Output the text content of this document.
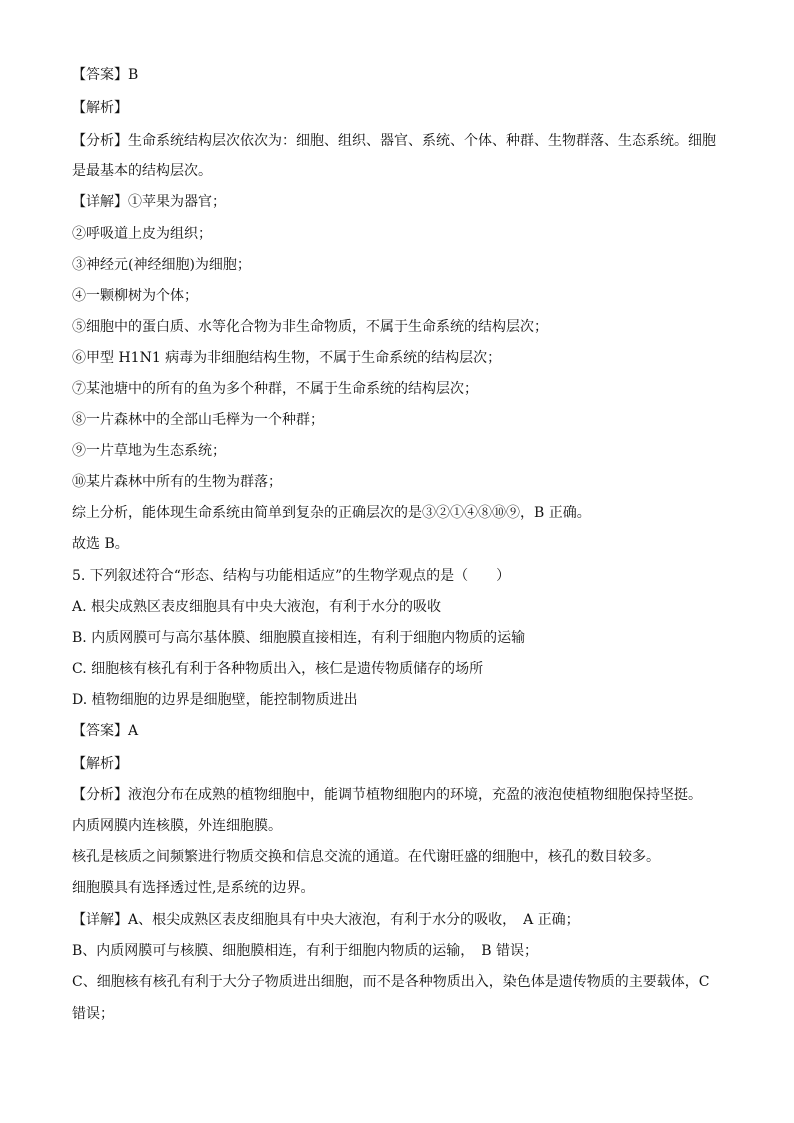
【答案】B
【解析】
【分析】生命系统结构层次依次为：细胞、组织、器官、系统、个体、种群、生物群落、生态系统。细胞
是最基本的结构层次。
【详解】①苹果为器官；
②呼吸道上皮为组织；
③神经元(神经细胞)为细胞；
④一颗柳树为个体；
⑤细胞中的蛋白质、水等化合物为非生命物质，不属于生命系统的结构层次；
⑥甲型 H1N1 病毒为非细胞结构生物，不属于生命系统的结构层次；
⑦某池塘中的所有的鱼为多个种群，不属于生命系统的结构层次；
⑧一片森林中的全部山毛榉为一个种群；
⑨一片草地为生态系统；
⑩某片森林中所有的生物为群落；
综上分析，能体现生命系统由简单到复杂的正确层次的是③②①④⑧⑩⑨，B 正确。
故选 B。
5. 下列叙述符合“形态、结构与功能相适应”的生物学观点的是（　　）
A. 根尖成熟区表皮细胞具有中央大液泡，有利于水分的吸收
B. 内质网膜可与高尔基体膜、细胞膜直接相连，有利于细胞内物质的运输
C. 细胞核有核孔有利于各种物质出入，核仁是遗传物质储存的场所
D. 植物细胞的边界是细胞壁，能控制物质进出
【答案】A
【解析】
【分析】液泡分布在成熟的植物细胞中，能调节植物细胞内的环境，充盈的液泡使植物细胞保持坚挺。
内质网膜内连核膜，外连细胞膜。
核孔是核质之间频繁进行物质交换和信息交流的通道。在代谢旺盛的细胞中，核孔的数目较多。
细胞膜具有选择透过性,是系统的边界。
【详解】A、根尖成熟区表皮细胞具有中央大液泡，有利于水分的吸收，　A 正确；
B、内质网膜可与核膜、细胞膜相连，有利于细胞内物质的运输，　B 错误；
C、细胞核有核孔有利于大分子物质进出细胞，而不是各种物质出入，染色体是遗传物质的主要载体，C
错误；
